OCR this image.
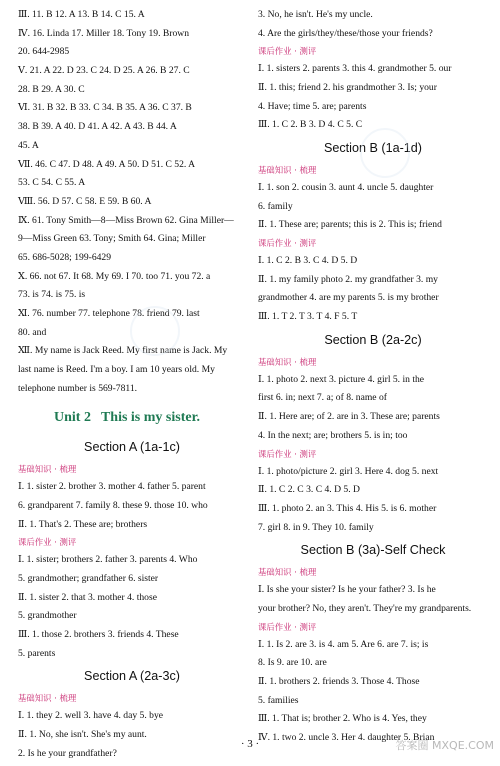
Ⅲ. 11. B 12. A 13. B 14. C 15. A
Ⅳ. 16. Linda 17. Miller 18. Tony 19. Brown
20. 644-2985
Ⅴ. 21. A 22. D 23. C 24. D 25. A 26. B 27. C
28. B 29. A 30. C
Ⅵ. 31. B 32. B 33. C 34. B 35. A 36. C 37. B
38. B 39. A 40. D 41. A 42. A 43. B 44. A
45. A
Ⅶ. 46. C 47. D 48. A 49. A 50. D 51. C 52. A
53. C 54. C 55. A
Ⅷ. 56. D 57. C 58. E 59. B 60. A
Ⅸ. 61. Tony Smith—8—Miss Brown 62. Gina Miller—
9—Miss Green 63. Tony; Smith 64. Gina; Miller
65. 686-5028; 199-6429
Ⅹ. 66. not 67. It 68. My 69. I 70. too 71. you 72. a
73. is 74. is 75. is
Ⅺ. 76. number 77. telephone 78. friend 79. last
80. and
Ⅻ. My name is Jack Reed. My first name is Jack. My
last name is Reed. I'm a boy. I am 10 years old. My
telephone number is 569-7811.
Unit 2 This is my sister.
Section A (1a-1c)
基础知识 · 梳理
Ⅰ. 1. sister 2. brother 3. mother 4. father 5. parent
6. grandparent 7. family 8. these 9. those 10. who
Ⅱ. 1. That's 2. These are; brothers
课后作业 · 测评
Ⅰ. 1. sister; brothers 2. father 3. parents 4. Who
5. grandmother; grandfather 6. sister
Ⅱ. 1. sister 2. that 3. mother 4. those
5. grandmother
Ⅲ. 1. those 2. brothers 3. friends 4. These
5. parents
Section A (2a-3c)
基础知识 · 梳理
Ⅰ. 1. they 2. well 3. have 4. day 5. bye
Ⅱ. 1. No, she isn't. She's my aunt.
2. Is he your grandfather?
3. No, he isn't. He's my uncle.
4. Are the girls/they/these/those your friends?
课后作业 · 测评
Ⅰ. 1. sisters 2. parents 3. this 4. grandmother 5. our
Ⅱ. 1. this; friend 2. his grandmother 3. Is; your
4. Have; time 5. are; parents
Ⅲ. 1. C 2. B 3. D 4. C 5. C
Section B (1a-1d)
基础知识 · 梳理
Ⅰ. 1. son 2. cousin 3. aunt 4. uncle 5. daughter
6. family
Ⅱ. 1. These are; parents; this is 2. This is; friend
课后作业 · 测评
Ⅰ. 1. C 2. B 3. C 4. D 5. D
Ⅱ. 1. my family photo 2. my grandfather 3. my
grandmother 4. are my parents 5. is my brother
Ⅲ. 1. T 2. T 3. T 4. F 5. T
Section B (2a-2c)
基础知识 · 梳理
Ⅰ. 1. photo 2. next 3. picture 4. girl 5. in the
first 6. in; next 7. a; of 8. name of
Ⅱ. 1. Here are; of 2. are in 3. These are; parents
4. In the next; are; brothers 5. is in; too
课后作业 · 测评
Ⅰ. 1. photo/picture 2. girl 3. Here 4. dog 5. next
Ⅱ. 1. C 2. C 3. C 4. D 5. D
Ⅲ. 1. photo 2. an 3. This 4. His 5. is 6. mother
7. girl 8. in 9. They 10. family
Section B (3a)-Self Check
基础知识 · 梳理
Ⅰ. Is she your sister? Is he your father? 3. Is he
your brother? No, they aren't. They're my grandparents.
课后作业 · 测评
Ⅰ. 1. Is 2. are 3. is 4. am 5. Are 6. are 7. is; is
8. Is 9. are 10. are
Ⅱ. 1. brothers 2. friends 3. Those 4. Those
5. families
Ⅲ. 1. That is; brother 2. Who is 4. Yes, they
Ⅳ. 1. two 2. uncle 3. Her 4. daughter 5. Brian
· 3 ·	答案圈 MXQE.COM
